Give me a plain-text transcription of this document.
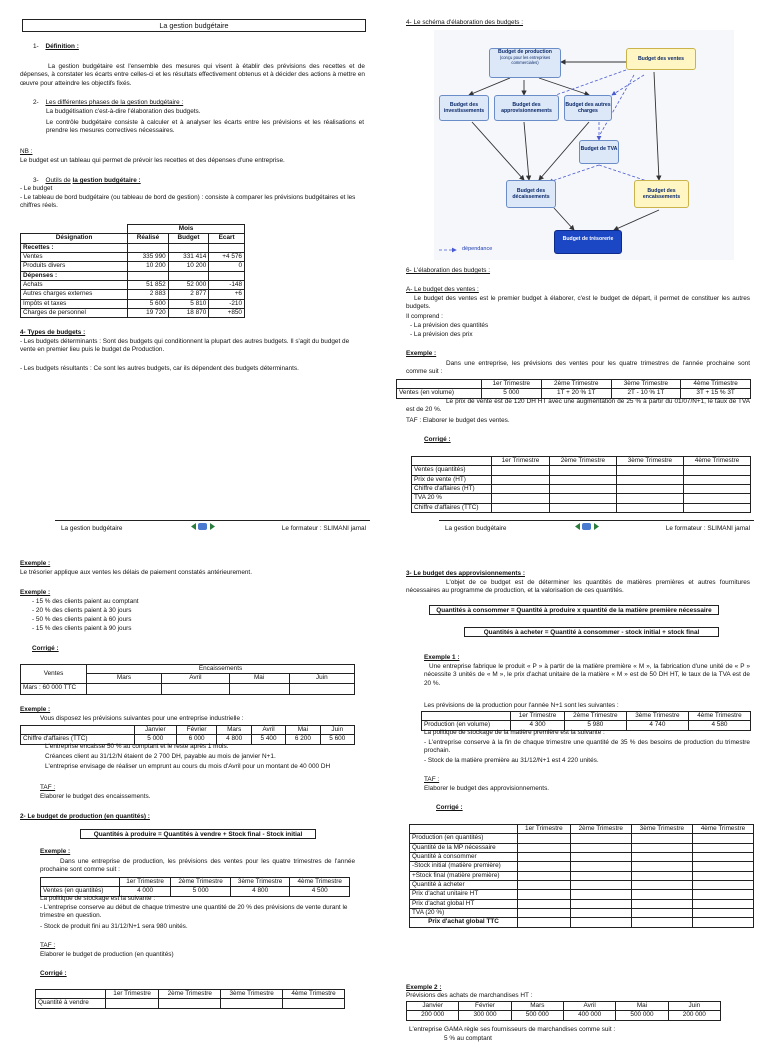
La gestion budgétaire
1- Définition :

La gestion budgétaire est l'ensemble des mesures qui visent à établir des prévisions des recettes et de dépenses, à constater les écarts entre celles-ci et les résultats effectivement obtenus et à décider des actions à mettre en œuvre pour atteindre les objectifs fixés.

2- Les différentes phases de la gestion budgétaire :

La budgétisation c'est-à-dire l'élaboration des budgets.

Le contrôle budgétaire consiste à calculer et à analyser les écarts entre les prévisions et les réalisations et prendre les mesures correctives nécessaires.

NB :

Le budget est un tableau qui permet de prévoir les recettes et des dépenses d'une entreprise.

3- Outils de la gestion budgétaire :

- Le budget

- Le tableau de bord budgétaire (ou tableau de bord de gestion) : consiste à comparer les prévisions budgétaires et les chiffres réels.

	Mois		
Désignation	Réalisé	Budget	Ecart
Recettes :			
Ventes	335 990	331 414	+4 576
Produits divers	10 200	10 200	0
Dépenses :			
Achats	51 852	52 000	-148
Autres charges externes	2 883	2 877	+6
Impôts et taxes	5 600	5 810	-210
Charges de personnel	19 720	18 870	+850

4- Types de budgets :

- Les budgets déterminants : Sont des budgets qui conditionnent la plupart des autres budgets. Il s'agit du budget de vente en premier lieu puis le budget de Production.

- Les budgets résultants : Ce sont les autres budgets, car ils dépendent des budgets déterminants.

La gestion budgétaire	Le formateur : SLIMANI jamal

4- Le schéma d'élaboration des budgets :

Budget de production
(conçu pour les entreprises commerciales)
Budget des ventes
Budget des investissements
Budget des approvisionnements
Budget des autres charges
Budget de TVA
Budget des décaissements
Budget des encaissements
Budget de trésorerie
dépendance

6- L'élaboration des budgets :

A- Le budget des ventes :

Le budget des ventes est le premier budget à élaborer, c'est le budget de départ, il permet de constituer les autres budgets.

Il comprend :

- La prévision des quantités

- La prévision des prix

Exemple :

Dans une entreprise, les prévisions des ventes pour les quatre trimestres de l'année prochaine sont comme suit :

	1er Trimestre	2ème Trimestre	3ème Trimestre	4ème Trimestre
Ventes (en volume)	5 000	1T + 20 % 1T	2T - 10 % 1T	3T + 15 % 3T

Le prix de vente est de 120 DH HT avec une augmentation de 25 % à partir du 01/07/N+1, le taux de TVA est de 20 %.

TAF : Elaborer le budget des ventes.

Corrigé :

	1er Trimestre	2ème Trimestre	3ème Trimestre	4ème Trimestre
Ventes (quantités)				
Prix de vente (HT)				
Chiffre d'affaires (HT)				
TVA 20 %				
Chiffre d'affaires (TTC)				
La gestion budgétaire	Le formateur : SLIMANI jamal

Exemple :

Le trésorier applique aux ventes les délais de paiement constatés antérieurement.

Exemple :

- 15 % des clients paient au comptant

- 20 % des clients paient à 30 jours

- 50 % des clients paient à 60 jours

- 15 % des clients paient à 90 jours

Corrigé :

Ventes	Encaissements			
	Mars	Avril	Mai	Juin
Mars : 60 000 TTC				

Exemple :

Vous disposez les prévisions suivantes pour une entreprise industrielle :

	Janvier	Février	Mars	Avril	Mai	Juin
Chiffre d'affaires (TTC)	5 000	6 000	4 800	5 400	6 200	5 600

L'entreprise encaisse 50 % au comptant et le reste après 1 mois.

Créances client au 31/12/N étaient de 2 700 DH, payable au mois de janvier N+1.

L'entreprise envisage de réaliser un emprunt au cours du mois d'Avril pour un montant de 40 000 DH

TAF :

Elaborer le budget des encaissements.

2- Le budget de production (en quantités) :

Quantités à produire = Quantités à vendre + Stock final - Stock initial

Exemple :

Dans une entreprise de production, les prévisions des ventes pour les quatre trimestres de l'année prochaine sont comme suit :

	1er Trimestre	2ème Trimestre	3ème Trimestre	4ème Trimestre
Ventes (en quantités)	4 000	5 000	4 800	4 500

La politique de stockage est la suivante :

- L'entreprise conserve au début de chaque trimestre une quantité de 20 % des prévisions de vente durant le trimestre en question.

- Stock de produit fini au 31/12/N+1 sera 980 unités.

TAF :

Elaborer le budget de production (en quantités)

Corrigé :

	1er Trimestre	2ème Trimestre	3ème Trimestre	4ème Trimestre
Quantité à vendre				

3- Le budget des approvisionnements :

L'objet de ce budget est de déterminer les quantités de matières premières et autres fournitures nécessaires au programme de production, et la valorisation de ces quantités.

Quantités à consommer = Quantité à produire x quantité de la matière première nécessaire
Quantités à acheter = Quantité à consommer - stock initial + stock final

Exemple 1 :

Une entreprise fabrique le produit « P » à partir de la matière première « M », la fabrication d'une unité de « P » nécessite 3 unités de « M », le prix d'achat unitaire de la matière « M » est de 50 DH HT, le taux de la TVA est de 20 %.

Les prévisions de la production pour l'année N+1 sont les suivantes :

	1er Trimestre	2ème Trimestre	3ème Trimestre	4ème Trimestre
Production (en volume)	4 300	5 980	4 740	4 580

La politique de stockage de la matière première est la suivante :

- L'entreprise conserve à la fin de chaque trimestre une quantité de 35 % des besoins de production du trimestre prochain.

- Stock de la matière première au 31/12/N+1 est 4 220 unités.

TAF :

Elaborer le budget des approvisionnements.

Corrigé :

	1er Trimestre	2ème Trimestre	3ème Trimestre	4ème Trimestre
Production (en quantités)				
Quantité de la MP nécessaire				
Quantité à consommer				
-Stock initial (matière première)				
+Stock final (matière première)				
Quantité à acheter				
Prix d'achat unitaire HT				
Prix d'achat global HT				
TVA (20 %)				
Prix d'achat global TTC				

Exemple 2 :

Prévisions des achats de marchandises HT :

Janvier	Février	Mars	Avril	Mai	Juin
200 000	300 000	500 000	400 000	500 000	200 000

L'entreprise GAMA règle ses fournisseurs de marchandises comme suit :

5 % au comptant
